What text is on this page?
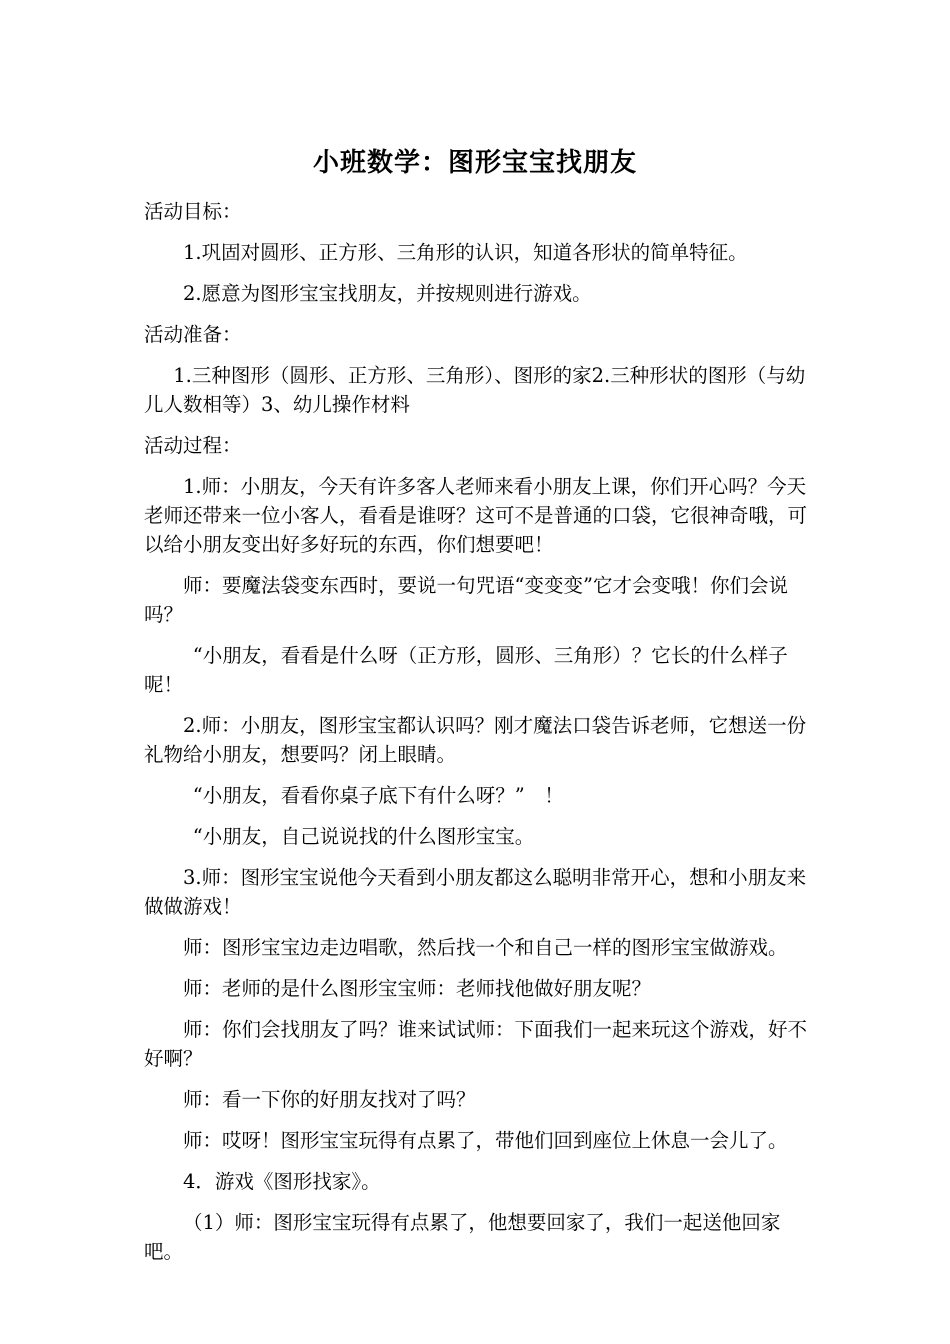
小班数学：图形宝宝找朋友

活动目标：

1.巩固对圆形、正方形、三角形的认识，知道各形状的简单特征。

2.愿意为图形宝宝找朋友，并按规则进行游戏。

活动准备：

1.三种图形（圆形、正方形、三角形）、图形的家2.三种形状的图形（与幼儿人数相等）3、幼儿操作材料

活动过程：

1.师：小朋友，今天有许多客人老师来看小朋友上课，你们开心吗？今天老师还带来一位小客人，看看是谁呀？这可不是普通的口袋，它很神奇哦，可以给小朋友变出好多好玩的东西，你们想要吧！

师：要魔法袋变东西时，要说一句咒语“变变变”它才会变哦！你们会说吗？

“小朋友，看看是什么呀（正方形，圆形、三角形）？它长的什么样子呢！

2.师：小朋友，图形宝宝都认识吗？刚才魔法口袋告诉老师，它想送一份礼物给小朋友，想要吗？闭上眼睛。

“小朋友，看看你桌子底下有什么呀？”　！

“小朋友，自己说说找的什么图形宝宝。

3.师：图形宝宝说他今天看到小朋友都这么聪明非常开心，想和小朋友来做做游戏！

师：图形宝宝边走边唱歌，然后找一个和自己一样的图形宝宝做游戏。

师：老师的是什么图形宝宝师：老师找他做好朋友呢？

师：你们会找朋友了吗？谁来试试师：下面我们一起来玩这个游戏，好不好啊？

师：看一下你的好朋友找对了吗？

师：哎呀！图形宝宝玩得有点累了，带他们回到座位上休息一会儿了。

4．游戏《图形找家》。

（1）师：图形宝宝玩得有点累了，他想要回家了，我们一起送他回家吧。
